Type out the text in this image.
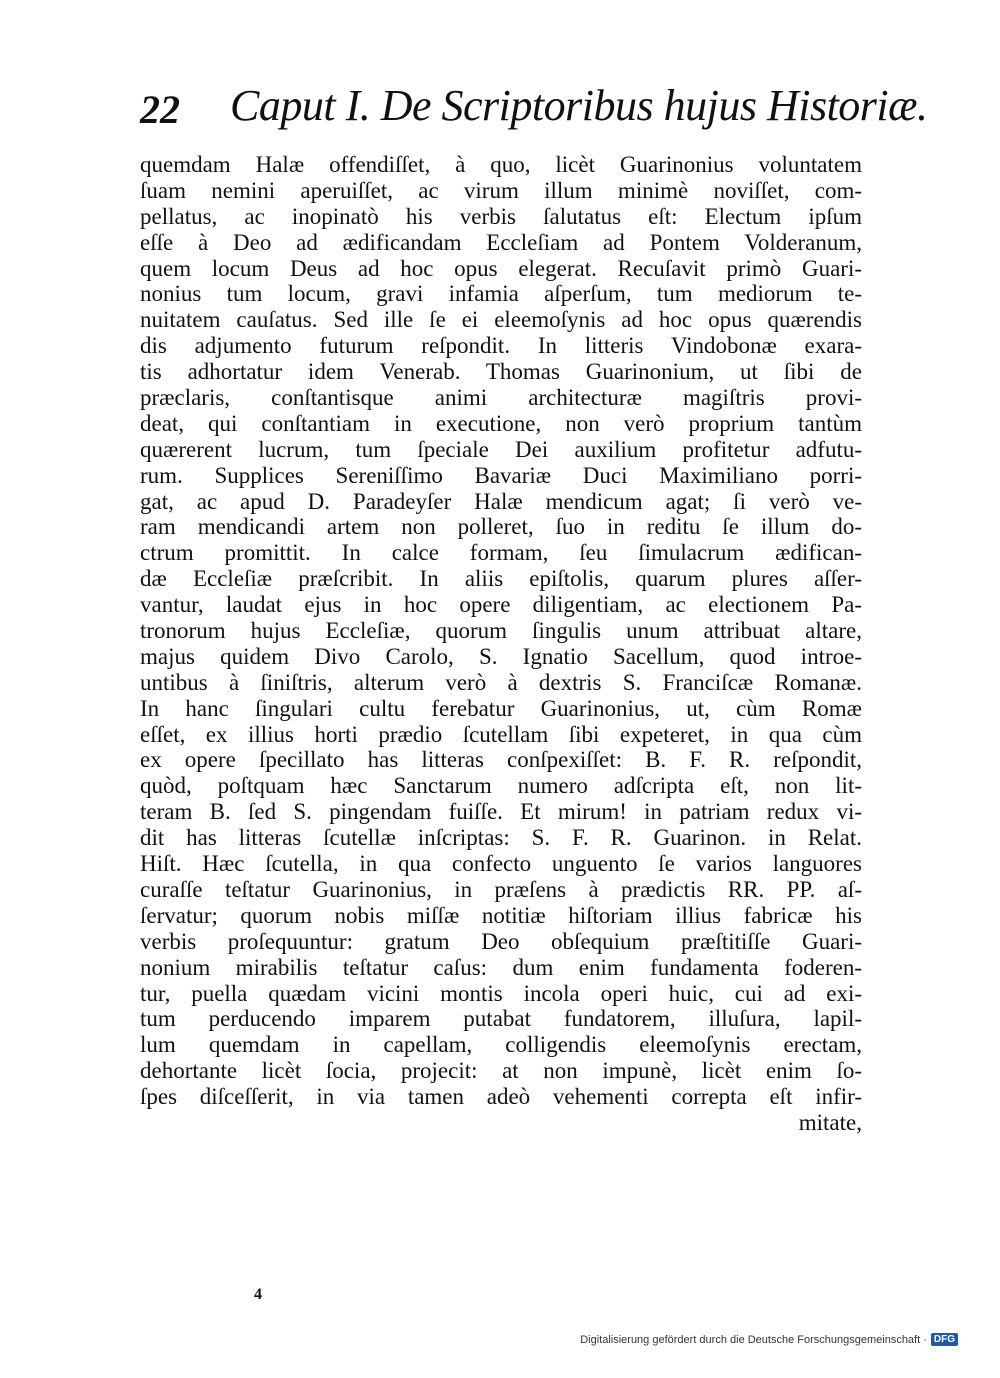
22 Caput I. De Scriptoribus hujus Historiæ.
quemdam Halæ offendiſſet, à quo, licèt Guarinonius voluntatem
ſuam nemini aperuiſſet, ac virum illum minimè noviſſet, com-
pellatus, ac inopinatò his verbis ſalutatus eſt: Electum ipſum
eſſe à Deo ad ædificandam Eccleſiam ad Pontem Volderanum,
quem locum Deus ad hoc opus elegerat. Recuſavit primò Guari-
nonius tum locum, gravi infamia aſperſum, tum mediorum te-
nuitatem cauſatus. Sed ille ſe ei eleemoſynis ad hoc opus quærendis
dis adjumento futurum reſpondit. In litteris Vindobonæ exara-
tis adhortatur idem Venerab. Thomas Guarinonium, ut ſibi de
præclaris, conſtantisque animi architecturæ magiſtris provi-
deat, qui conſtantiam in executione, non verò proprium tantùm
quærerent lucrum, tum ſpeciale Dei auxilium profitetur adfutu-
rum. Supplices Sereniſſimo Bavariæ Duci Maximiliano porri-
gat, ac apud D. Paradeyſer Halæ mendicum agat; ſi verò ve-
ram mendicandi artem non polleret, ſuo in reditu ſe illum do-
ctrum promittit. In calce formam, ſeu ſimulacrum ædifican-
dæ Eccleſiæ præſcribit. In aliis epiſtolis, quarum plures aſſer-
vantur, laudat ejus in hoc opere diligentiam, ac electionem Pa-
tronorum hujus Eccleſiæ, quorum ſingulis unum attribuat altare,
majus quidem Divo Carolo, S. Ignatio Sacellum, quod introe-
untibus à ſiniſtris, alterum verò à dextris S. Franciſcæ Romanæ.
In hanc ſingulari cultu ferebatur Guarinonius, ut, cùm Romæ
eſſet, ex illius horti prædio ſcutellam ſibi expeteret, in qua cùm
ex opere ſpecillato has litteras conſpexiſſet: B. F. R. reſpondit,
quòd, poſtquam hæc Sanctarum numero adſcripta eſt, non lit-
teram B. ſed S. pingendam fuiſſe. Et mirum! in patriam redux vi-
dit has litteras ſcutellæ inſcriptas: S. F. R. Guarinon. in Relat.
Hiſt. Hæc ſcutella, in qua confecto unguento ſe varios languores
curaſſe teſtatur Guarinonius, in præſens à prædictis RR. PP. aſ-
ſervatur; quorum nobis miſſæ notitiæ hiſtoriam illius fabricæ his
verbis proſequuntur: gratum Deo obſequium præſtitiſſe Guari-
nonium mirabilis teſtatur caſus: dum enim fundamenta foderen-
tur, puella quædam vicini montis incola operi huic, cui ad exi-
tum perducendo imparem putabat fundatorem, illuſura, lapil-
lum quemdam in capellam, colligendis eleemoſynis erectam,
dehortante licèt ſocia, projecit: at non impunè, licèt enim ſo-
ſpes diſceſſerit, in via tamen adeò vehementi correpta eſt infir-
mitate,
4
Digitalisierung gefördert durch die Deutsche Forschungsgemeinschaft · DFG
